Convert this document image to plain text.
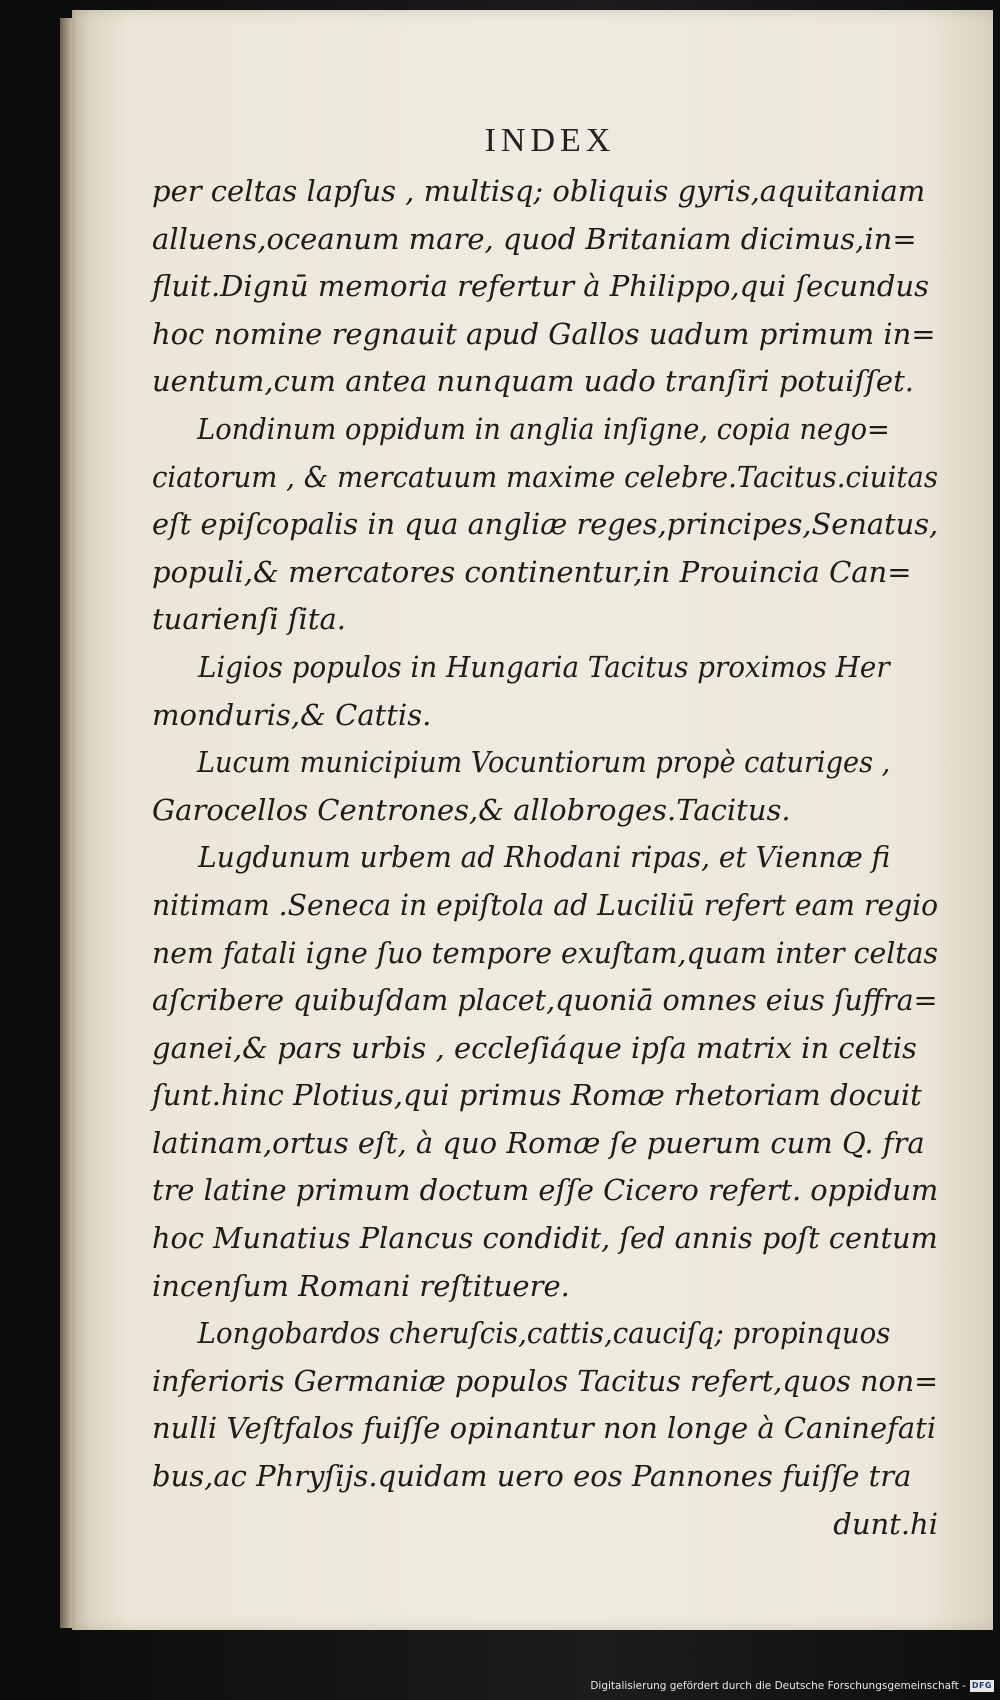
INDEX
per celtas lapſus , multisq; obliquis gyris,aquitaniam
alluens,oceanum mare, quod Britaniam dicimus,in=
fluit.Dignū memoria refertur à Philippo,qui ſecundus
hoc nomine regnauit apud Gallos uadum primum in=
uentum,cum antea nunquam uado tranſiri potuiſſet.
Londinum oppidum in anglia inſigne, copia nego=
ciatorum , & mercatuum maxime celebre.Tacitus.ciuitas
eſt epiſcopalis in qua angliæ reges,principes,Senatus,
populi,& mercatores continentur,in Prouincia Can=
tuarienſi ſita.
Ligios populos in Hungaria Tacitus proximos Her
monduris,& Cattis.
Lucum municipium Vocuntiorum propè caturiges ,
Garocellos Centrones,& allobroges.Tacitus.
Lugdunum urbem ad Rhodani ripas, et Viennæ fi
nitimam .Seneca in epiſtola ad Luciliū refert eam regio
nem fatali igne ſuo tempore exuſtam,quam inter celtas
aſcribere quibuſdam placet,quoniā omnes eius ſuffra=
ganei,& pars urbis , eccleſiáque ipſa matrix in celtis
ſunt.hinc Plotius,qui primus Romæ rhetoriam docuit
latinam,ortus eſt, à quo Romæ ſe puerum cum Q. fra
tre latine primum doctum eſſe Cicero refert. oppidum
hoc Munatius Plancus condidit, ſed annis poſt centum
incenſum Romani reſtituere.
Longobardos cheruſcis,cattis,cauciſq; propinquos
inferioris Germaniæ populos Tacitus refert,quos non=
nulli Veſtfalos fuiſſe opinantur non longe à Caninefati
bus,ac Phryſijs.quidam uero eos Pannones fuiſſe tra
dunt.hi
Digitalisierung gefördert durch die Deutsche Forschungsgemeinschaft - DFG
